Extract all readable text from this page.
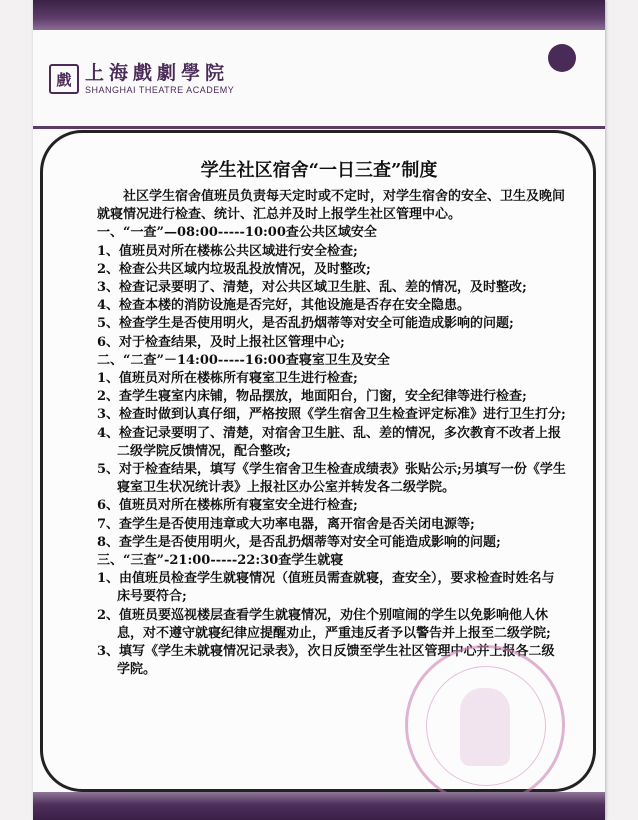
戲 上海戲劇學院
SHANGHAI THEATRE ACADEMY
学生社区宿舍“一日三查”制度

社区学生宿舍值班员负责每天定时或不定时，对学生宿舍的安全、卫生及晚间就寝情况进行检查、统计、汇总并及时上报学生社区管理中心。

一、“一查”—08:00-----10:00查公共区域安全

1、值班员对所在楼栋公共区域进行安全检查;

2、检查公共区域内垃圾乱投放情况，及时整改;

3、检查记录要明了、清楚，对公共区域卫生脏、乱、差的情况，及时整改;

4、检查本楼的消防设施是否完好，其他设施是否存在安全隐患。

5、检查学生是否使用明火，是否乱扔烟蒂等对安全可能造成影响的问题;

6、对于检查结果，及时上报社区管理中心;

二、“二查”－14:00-----16:00查寝室卫生及安全

1、值班员对所在楼栋所有寝室卫生进行检查;

2、查学生寝室内床铺，物品摆放，地面阳台，门窗，安全纪律等进行检查;

3、检查时做到认真仔细，严格按照《学生宿舍卫生检查评定标准》进行卫生打分;

4、检查记录要明了、清楚，对宿舍卫生脏、乱、差的情况，多次教育不改者上报二级学院反馈情况，配合整改;

5、对于检查结果，填写《学生宿舍卫生检查成绩表》张贴公示;另填写一份《学生寝室卫生状况统计表》上报社区办公室并转发各二级学院。

6、值班员对所在楼栋所有寝室安全进行检查;

7、查学生是否使用违章或大功率电器，离开宿舍是否关闭电源等;

8、查学生是否使用明火，是否乱扔烟蒂等对安全可能造成影响的问题;

三、“三查”-21:00-----22:30查学生就寝

1、由值班员检查学生就寝情况（值班员需查就寝，查安全），要求检查时姓名与床号要符合;

2、值班员要巡视楼层查看学生就寝情况，劝住个别喧闹的学生以免影响他人休息，对不遵守就寝纪律应提醒劝止，严重违反者予以警告并上报至二级学院;

3、填写《学生未就寝情况记录表》，次日反馈至学生社区管理中心并上报各二级学院。
